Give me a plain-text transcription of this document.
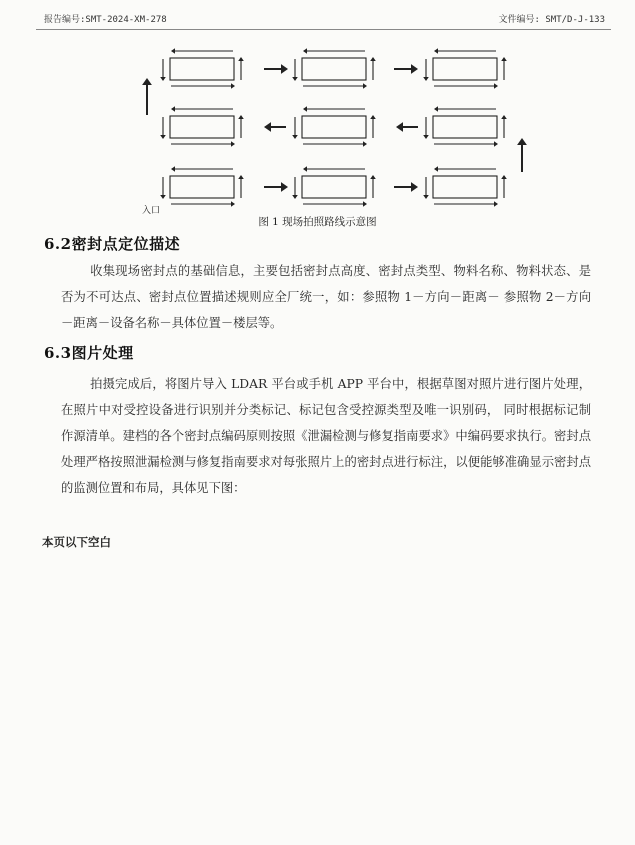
报告编号:SMT-2024-XM-278	文件编号: SMT/D-J-133
入口
图 1 现场拍照路线示意图
6.2密封点定位描述
收集现场密封点的基础信息，主要包括密封点高度、密封点类型、物料名称、物料状态、是否为不可达点、密封点位置描述规则应全厂统一，如：参照物 1－方向－距离－ 参照物 2－方向－距离－设备名称－具体位置－楼层等。
6.3图片处理
拍摄完成后，将图片导入 LDAR 平台或手机 APP 平台中，根据草图对照片进行图片处理，在照片中对受控设备进行识别并分类标记、标记包含受控源类型及唯一识别码， 同时根据标记制作源清单。建档的各个密封点编码原则按照《泄漏检测与修复指南要求》中编码要求执行。密封点处理严格按照泄漏检测与修复指南要求对每张照片上的密封点进行标注，以便能够准确显示密封点的监测位置和布局，具体见下图：
本页以下空白
